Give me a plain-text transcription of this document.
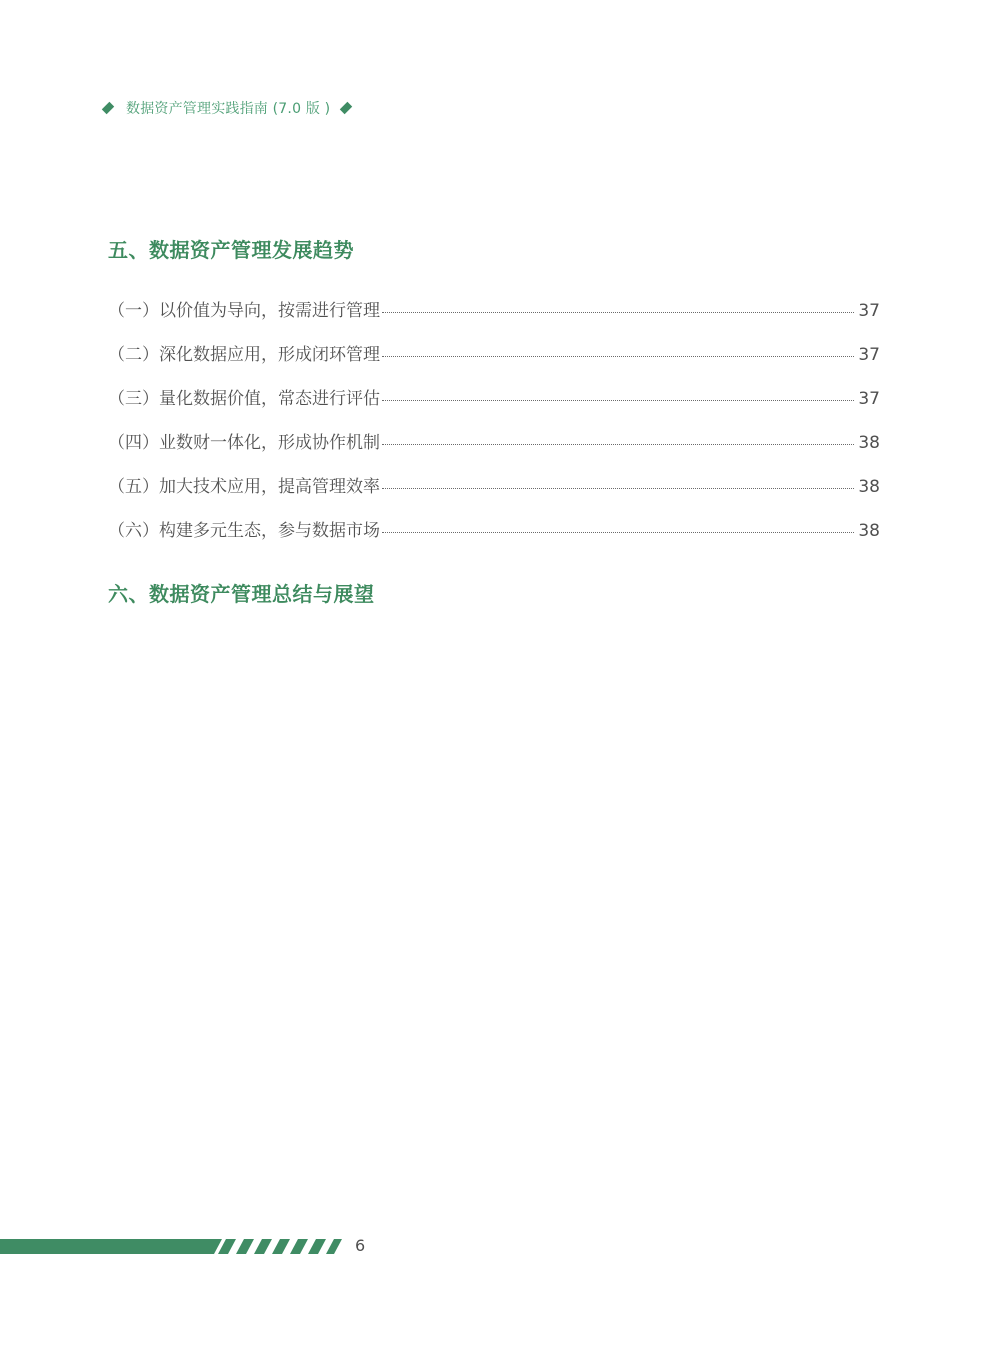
数据资产管理实践指南 (7.0 版 )
五、数据资产管理发展趋势
（一）以价值为导向，按需进行管理	37
（二）深化数据应用，形成闭环管理	37
（三）量化数据价值，常态进行评估	37
（四）业数财一体化，形成协作机制	38
（五）加大技术应用，提高管理效率	38
（六）构建多元生态，参与数据市场	38
六、数据资产管理总结与展望
6
